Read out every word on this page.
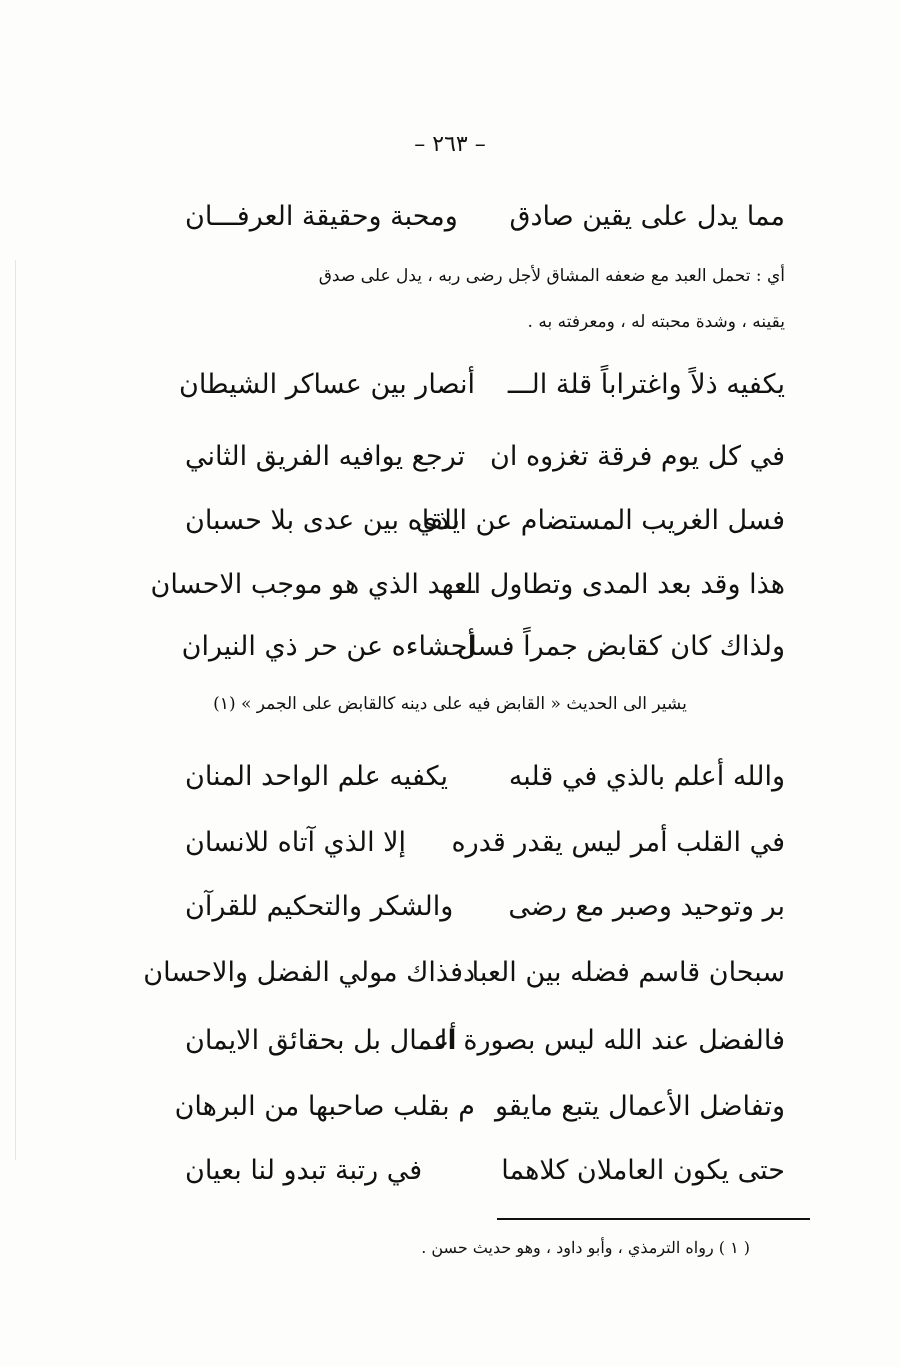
– ٢٦٣ –
مما يدل على يقين صادق
ومحبة وحقيقة العرفـــان
أي : تحمل العبد مع ضعفه المشاق لأجل رضى ربه ، يدل على صدق
يقينه ، وشدة محبته له ، ومعرفته به .
يكفيه ذلاً واغتراباً قلة الـــ
أنصار بين عساكر الشيطان
في كل يوم فرقة تغزوه ان
ترجع يوافيه الفريق الثاني
فسل الغريب المستضام عن الذي
يلقاه بين عدى بلا حسبان
هذا وقد بعد المدى وتطاول الـــ
ـعهد الذي هو موجب الاحسان
ولذاك كان كقابض جمراً فسل
أحشاءه عن حر ذي النيران
يشير الى الحديث « القابض فيه على دينه كالقابض على الجمر » (١)
والله أعلم بالذي في قلبه
يكفيه علم الواحد المنان
في القلب أمر ليس يقدر قدره
إلا الذي آتاه للانسان
بر وتوحيد وصبر مع رضى
والشكر والتحكيم للقرآن
سبحان قاسم فضله بين العبا
دفذاك مولي الفضل والاحسان
فالفضل عند الله ليس بصورة الـــ
أعمال بل بحقائق الايمان
وتفاضل الأعمال يتبع مايقو
م بقلب صاحبها من البرهان
حتى يكون العاملان كلاهما
في رتبة تبدو لنا بعيان
( ١ ) رواه الترمذي ، وأبو داود ، وهو حديث حسن .
